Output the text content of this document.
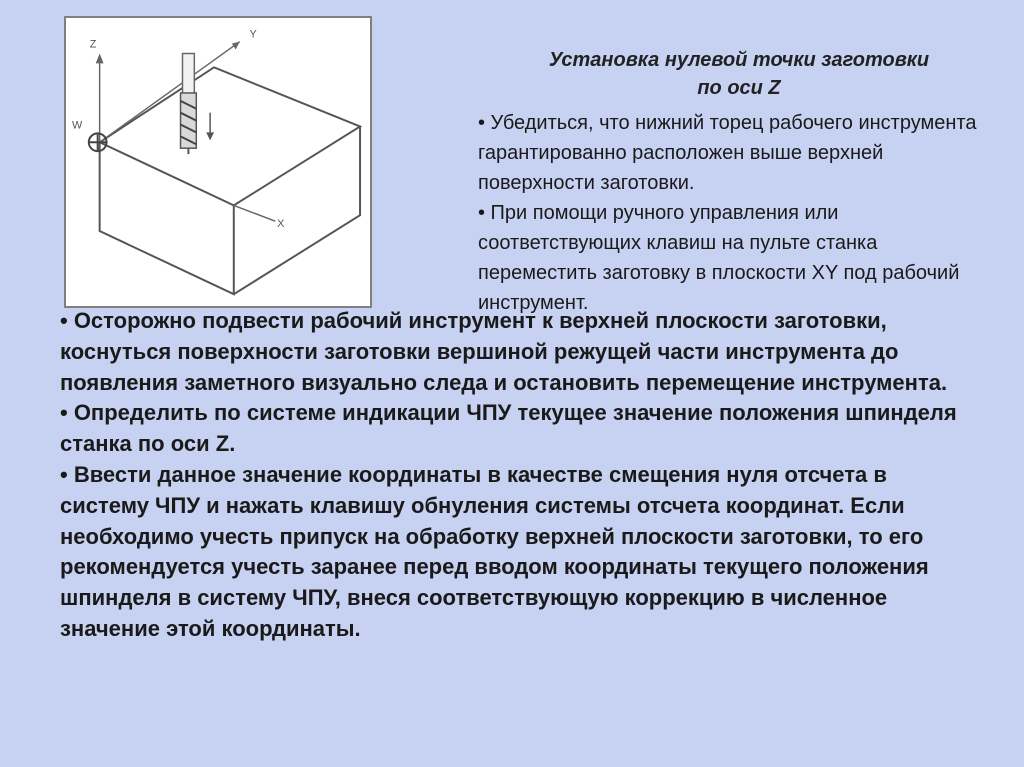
X
Y
Z
W
Установка нулевой точки заготовки
по оси Z

• Убедиться, что нижний торец рабочего инструмента гарантированно расположен выше верхней поверхности заготовки.

• При помощи ручного управления или соответствующих клавиш на пульте станка переместить заготовку в плоскости XY под рабочий инструмент.

• Осторожно подвести рабочий инструмент к верхней плоскости заготовки, коснуться поверхности заготовки вершиной режущей части инструмента до появления заметного визуально следа и остановить перемещение инструмента.

• Определить по системе индикации ЧПУ текущее значение положения шпинделя станка по оси Z.

• Ввести данное значение координаты в качестве смещения нуля отсчета в систему ЧПУ и нажать клавишу обнуления системы отсчета координат. Если необходимо учесть припуск на обработку верхней плоскости заготовки, то его рекомендуется учесть заранее перед вводом координаты текущего положения шпинделя в систему ЧПУ, внеся соответствующую коррекцию в численное значение этой координаты.
